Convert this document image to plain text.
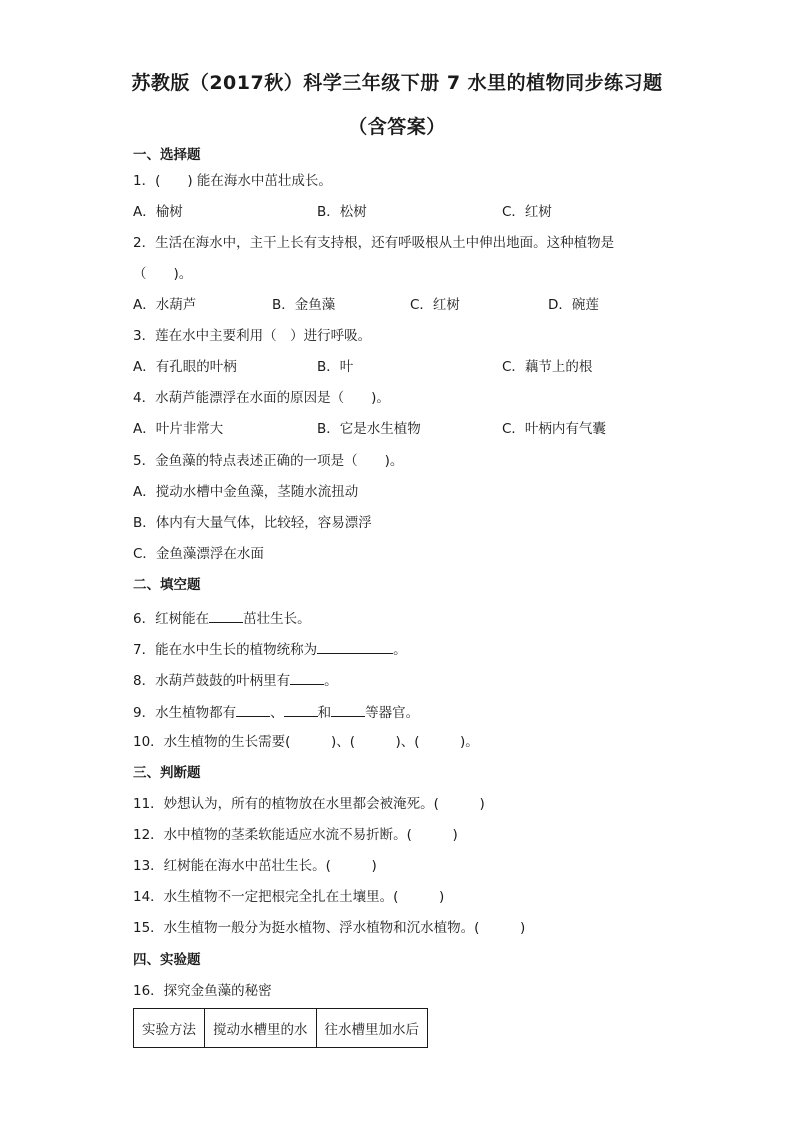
苏教版（2017秋）科学三年级下册 7 水里的植物同步练习题
（含答案）
一、选择题
1．(　　) 能在海水中茁壮成长。
A．榆树	B．松树	C．红树
2．生活在海水中，主干上长有支持根，还有呼吸根从土中伸出地面。这种植物是
（　　)。
A．水葫芦	B．金鱼藻	C．红树	D．碗莲
3．莲在水中主要利用（　）进行呼吸。
A．有孔眼的叶柄	B．叶	C．藕节上的根
4．水葫芦能漂浮在水面的原因是（　　)。
A．叶片非常大	B．它是水生植物	C．叶柄内有气囊
5．金鱼藻的特点表述正确的一项是（　　)。
A．搅动水槽中金鱼藻，茎随水流扭动
B．体内有大量气体，比较轻，容易漂浮
C．金鱼藻漂浮在水面
二、填空题
6．红树能在	茁壮生长。
7．能在水中生长的植物统称为	。
8．水葫芦鼓鼓的叶柄里有	。
9．水生植物都有	、	和	等器官。
10．水生植物的生长需要(　　　)、(　　　)、(　　　)。
三、判断题
11．妙想认为，所有的植物放在水里都会被淹死。(　　　)
12．水中植物的茎柔软能适应水流不易折断。(　　　)
13．红树能在海水中茁壮生长。(　　　)
14．水生植物不一定把根完全扎在土壤里。(　　　)
15．水生植物一般分为挺水植物、浮水植物和沉水植物。(　　　)
四、实验题
16．探究金鱼藻的秘密
实验方法	搅动水槽里的水	往水槽里加水后
